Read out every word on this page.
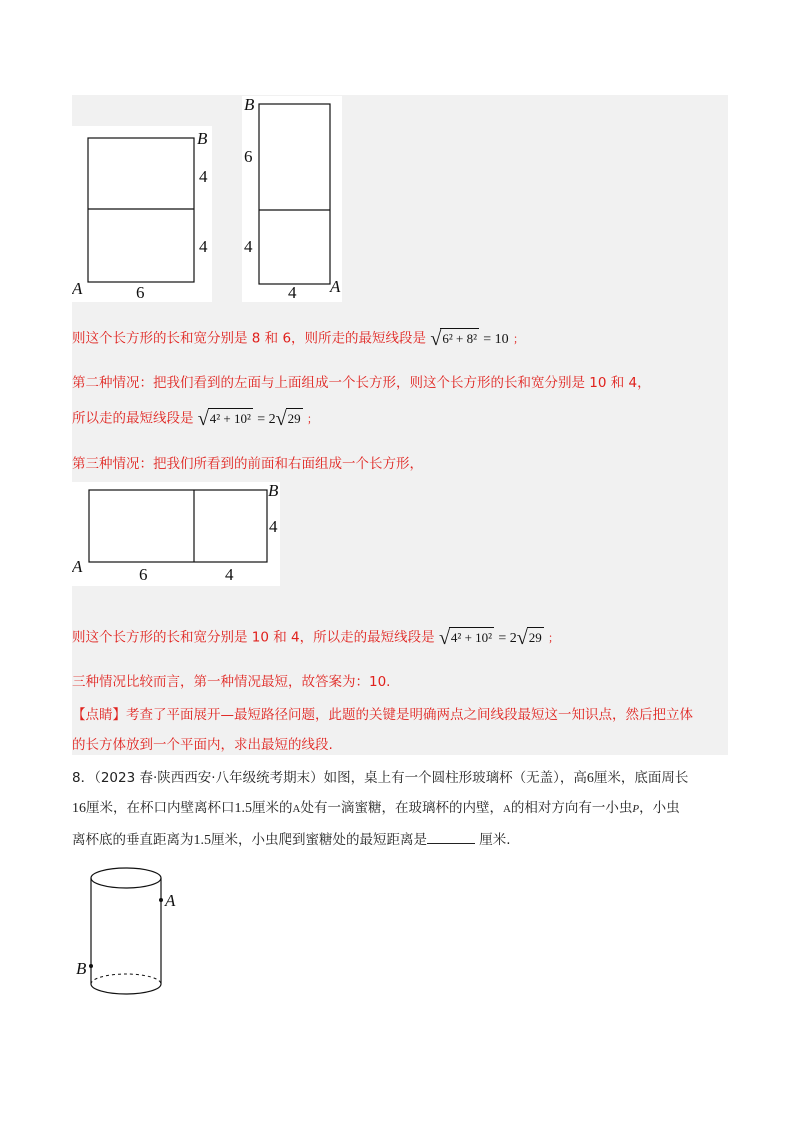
B
4
4
A	6
B
6
4
4 A
则这个长方形的长和宽分别是 8 和 6，则所走的最短线段是 √6² + 8² = 10 ；
第二种情况：把我们看到的左面与上面组成一个长方形，则这个长方形的长和宽分别是 10 和 4，
所以走的最短线段是 √4² + 10² = 2√29 ；
第三种情况：把我们所看到的前面和右面组成一个长方形，
B
4
A	6	4
则这个长方形的长和宽分别是 10 和 4，所以走的最短线段是 √4² + 10² = 2√29 ；
三种情况比较而言，第一种情况最短，故答案为：10.
【点睛】考查了平面展开—最短路径问题，此题的关键是明确两点之间线段最短这一知识点，然后把立体
的长方体放到一个平面内，求出最短的线段.
8．（2023 春·陕西西安·八年级统考期末）如图，桌上有一个圆柱形玻璃杯（无盖），高6厘米，底面周长
16厘米，在杯口内壁离杯口1.5厘米的A处有一滴蜜糖，在玻璃杯的内壁，A的相对方向有一小虫P，小虫
离杯底的垂直距离为1.5厘米，小虫爬到蜜糖处的最短距离是	厘米.
A
B
